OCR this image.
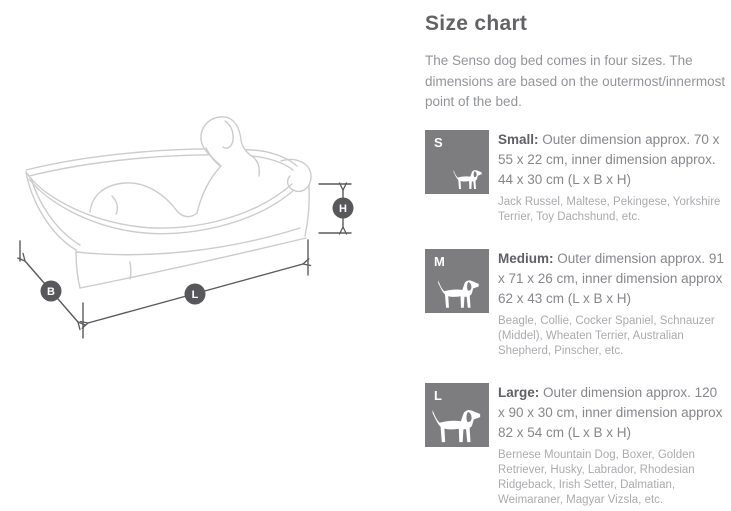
H
B	L
Size chart

The Senso dog bed comes in four sizes. The dimensions are based on the outermost/innermost point of the bed.

S	Small: Outer dimension approx. 70 x 55 x 22 cm, inner dimension approx. 44 x 30 cm (L x B x H)

Jack Russel, Maltese, Pekingese, Yorkshire Terrier, Toy Dachshund, etc.

M	Medium: Outer dimension approx. 91 x 71 x 26 cm, inner dimension approx 62 x 43 cm (L x B x H)

Beagle, Collie, Cocker Spaniel, Schnauzer (Middel), Wheaten Terrier, Australian Shepherd, Pinscher, etc.

L	Large: Outer dimension approx. 120 x 90 x 30 cm, inner dimension approx 82 x 54 cm (L x B x H)

Bernese Mountain Dog, Boxer, Golden Retriever, Husky, Labrador, Rhodesian Ridgeback, Irish Setter, Dalmatian, Weimaraner, Magyar Vizsla, etc.
